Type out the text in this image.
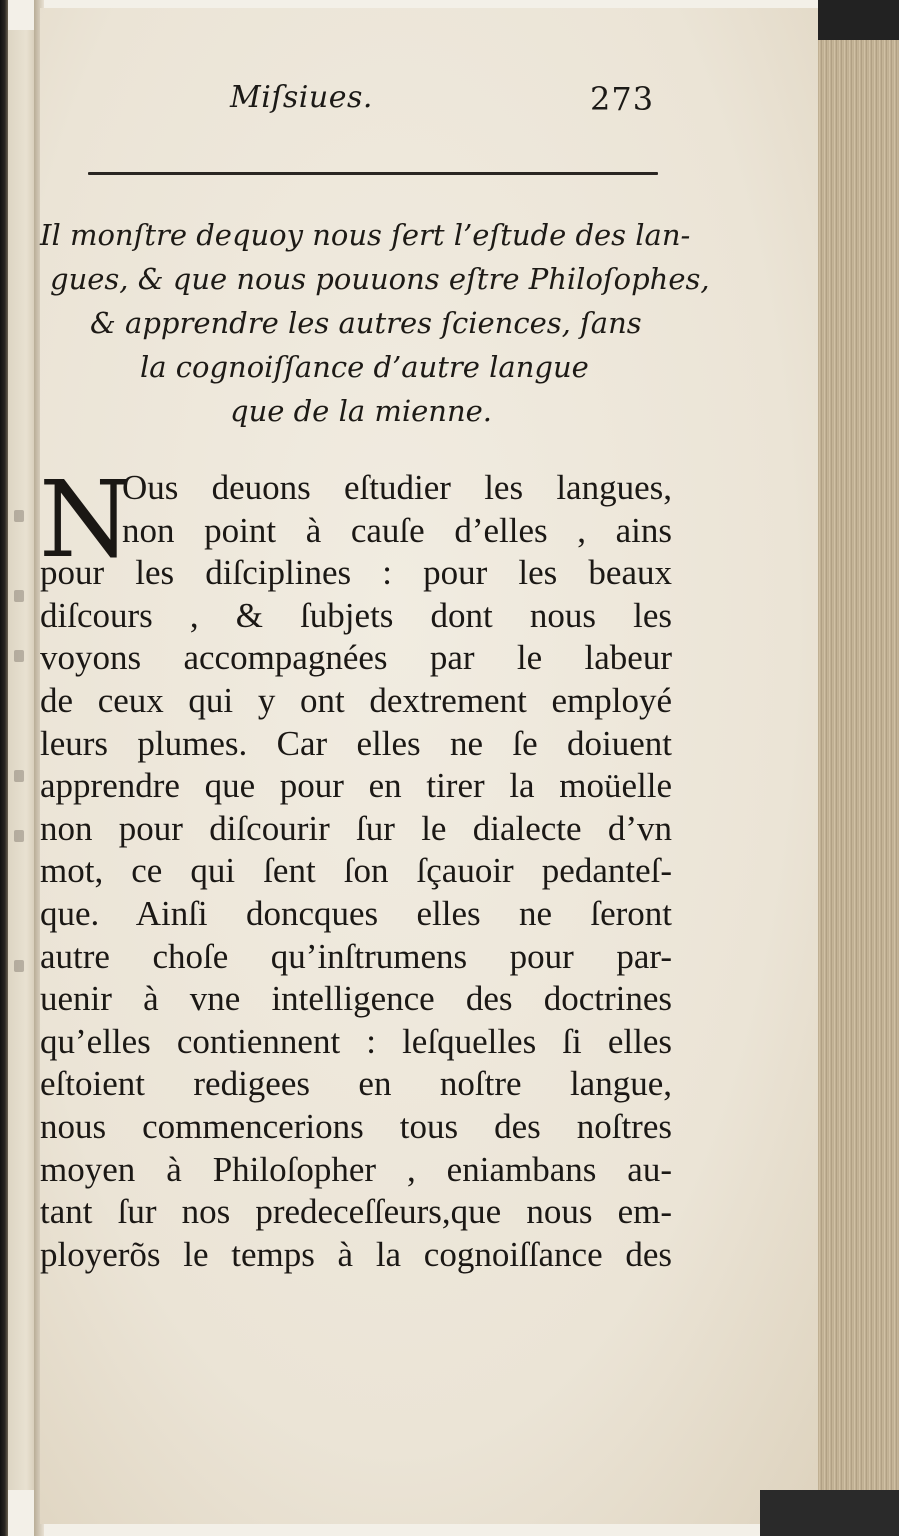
Miſsiues.	273
Il monſtre dequoy nous ſert l’eſtude des lan-
gues, & que nous pouuons eſtre Philoſophes,
& apprendre les autres ſciences, ſans
la cognoiſſance d’autre langue
que de la mienne.
N
Ous deuons eſtudier les langues,
non point à cauſe d’elles , ains
pour les diſciplines : pour les beaux
diſcours , & ſubjets dont nous les
voyons accompagnées par le labeur
de ceux qui y ont dextrement employé
leurs plumes. Car elles ne ſe doiuent
apprendre que pour en tirer la moüelle
non pour diſcourir ſur le dialecte d’vn
mot, ce qui ſent ſon ſçauoir pedanteſ-
que. Ainſi doncques elles ne ſeront
autre choſe qu’inſtrumens pour par-
uenir à vne intelligence des doctrines
qu’elles contiennent : leſquelles ſi elles
eſtoient redigees en noſtre langue,
nous commencerions tous des noſtres
moyen à Philoſopher , eniambans au-
tant ſur nos predeceſſeurs,que nous em-
ployerõs le temps à la cognoiſſance des
